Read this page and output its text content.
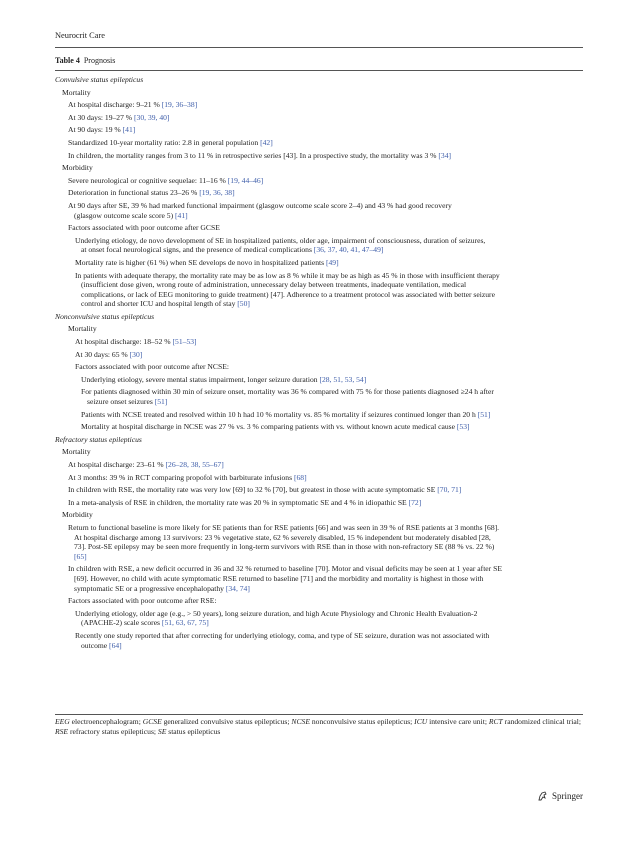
Neurocrit Care
Table 4 Prognosis
Convulsive status epilepticus
Mortality
At hospital discharge: 9–21 % [19, 36–38]
At 30 days: 19–27 % [30, 39, 40]
At 90 days: 19 % [41]
Standardized 10-year mortality ratio: 2.8 in general population [42]
In children, the mortality ranges from 3 to 11 % in retrospective series [43]. In a prospective study, the mortality was 3 % [34]
Morbidity
Severe neurological or cognitive sequelae: 11–16 % [19, 44–46]
Deterioration in functional status 23–26 % [19, 36, 38]
At 90 days after SE, 39 % had marked functional impairment (glasgow outcome scale score 2–4) and 43 % had good recovery
(glasgow outcome scale score 5) [41]
Factors associated with poor outcome after GCSE
Underlying etiology, de novo development of SE in hospitalized patients, older age, impairment of consciousness, duration of seizures,
at onset focal neurological signs, and the presence of medical complications [36, 37, 40, 41, 47–49]
Mortality rate is higher (61 %) when SE develops de novo in hospitalized patients [49]
In patients with adequate therapy, the mortality rate may be as low as 8 % while it may be as high as 45 % in those with insufficient therapy
(insufficient dose given, wrong route of administration, unnecessary delay between treatments, inadequate ventilation, medical
complications, or lack of EEG monitoring to guide treatment) [47]. Adherence to a treatment protocol was associated with better seizure
control and shorter ICU and hospital length of stay [50]
Nonconvulsive status epilepticus
Mortality
At hospital discharge: 18–52 % [51–53]
At 30 days: 65 % [30]
Factors associated with poor outcome after NCSE:
Underlying etiology, severe mental status impairment, longer seizure duration [28, 51, 53, 54]
For patients diagnosed within 30 min of seizure onset, mortality was 36 % compared with 75 % for those patients diagnosed ≥24 h after
seizure onset seizures [51]
Patients with NCSE treated and resolved within 10 h had 10 % mortality vs. 85 % mortality if seizures continued longer than 20 h [51]
Mortality at hospital discharge in NCSE was 27 % vs. 3 % comparing patients with vs. without known acute medical cause [53]
Refractory status epilepticus
Mortality
At hospital discharge: 23–61 % [26–28, 38, 55–67]
At 3 months: 39 % in RCT comparing propofol with barbiturate infusions [68]
In children with RSE, the mortality rate was very low [69] to 32 % [70], but greatest in those with acute symptomatic SE [70, 71]
In a meta-analysis of RSE in children, the mortality rate was 20 % in symptomatic SE and 4 % in idiopathic SE [72]
Morbidity
Return to functional baseline is more likely for SE patients than for RSE patients [66] and was seen in 39 % of RSE patients at 3 months [68].
At hospital discharge among 13 survivors: 23 % vegetative state, 62 % severely disabled, 15 % independent but moderately disabled [28,
73]. Post-SE epilepsy may be seen more frequently in long-term survivors with RSE than in those with non-refractory SE (88 % vs. 22 %)
[65]
In children with RSE, a new deficit occurred in 36 and 32 % returned to baseline [70]. Motor and visual deficits may be seen at 1 year after SE
[69]. However, no child with acute symptomatic RSE returned to baseline [71] and the morbidity and mortality is highest in those with
symptomatic SE or a progressive encephalopathy [34, 74]
Factors associated with poor outcome after RSE:
Underlying etiology, older age (e.g., > 50 years), long seizure duration, and high Acute Physiology and Chronic Health Evaluation-2
(APACHE-2) scale scores [51, 63, 67, 75]
Recently one study reported that after correcting for underlying etiology, coma, and type of SE seizure, duration was not associated with
outcome [64]
EEG electroencephalogram; GCSE generalized convulsive status epilepticus; NCSE nonconvulsive status epilepticus; ICU intensive care unit; RCT randomized clinical trial; RSE refractory status epilepticus; SE status epilepticus
Springer
